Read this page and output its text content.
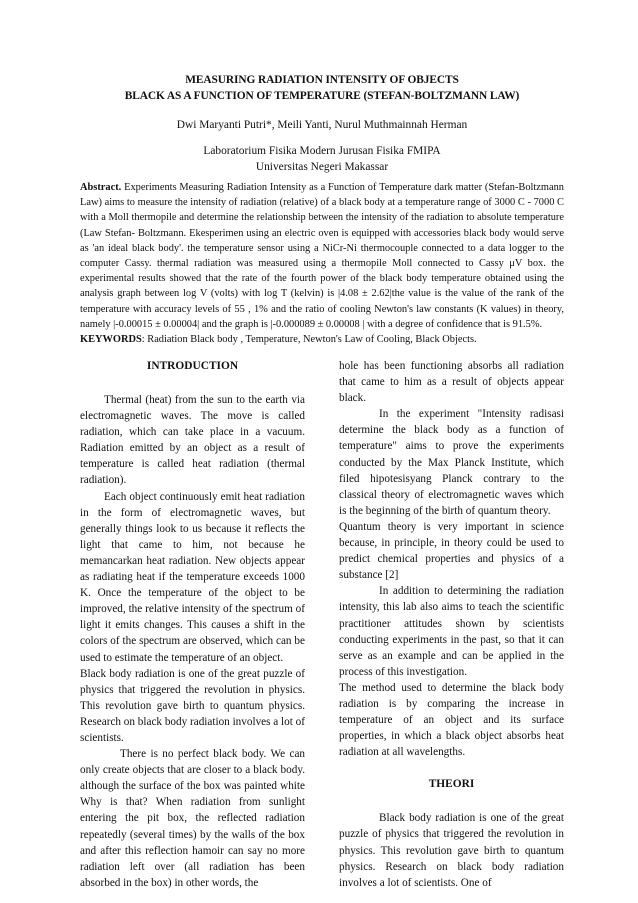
MEASURING RADIATION INTENSITY OF OBJECTS

BLACK AS A FUNCTION OF TEMPERATURE (STEFAN-BOLTZMANN LAW)

Dwi Maryanti Putri*, Meili Yanti, Nurul Muthmainnah Herman

Laboratorium Fisika Modern Jurusan Fisika FMIPA

Universitas Negeri Makassar

Abstract. Experiments Measuring Radiation Intensity as a Function of Temperature dark matter (Stefan-Boltzmann Law) aims to measure the intensity of radiation (relative) of a black body at a temperature range of 3000 C - 7000 C with a Moll thermopile and determine the relationship between the intensity of the radiation to absolute temperature (Law Stefan- Boltzmann. Ekesperimen using an electric oven is equipped with accessories black body would serve as 'an ideal black body'. the temperature sensor using a NiCr-Ni thermocouple connected to a data logger to the computer Cassy. thermal radiation was measured using a thermopile Moll connected to Cassy μV box. the experimental results showed that the rate of the fourth power of the black body temperature obtained using the analysis graph between log V (volts) with log T (kelvin) is |4.08 ± 2.62|the value is the value of the rank of the temperature with accuracy levels of 55 , 1% and the ratio of cooling Newton's law constants (K values) in theory, namely |-0.00015 ± 0.00004| and the graph is |-0.000089 ± 0.00008 | with a degree of confidence that is 91.5%.

KEYWORDS: Radiation Black body , Temperature, Newton's Law of Cooling, Black Objects.

INTRODUCTION

Thermal (heat) from the sun to the earth via electromagnetic waves. The move is called radiation, which can take place in a vacuum. Radiation emitted by an object as a result of temperature is called heat radiation (thermal radiation).

Each object continuously emit heat radiation in the form of electromagnetic waves, but generally things look to us because it reflects the light that came to him, not because he memancarkan heat radiation. New objects appear as radiating heat if the temperature exceeds 1000 K. Once the temperature of the object to be improved, the relative intensity of the spectrum of light it emits changes. This causes a shift in the colors of the spectrum are observed, which can be used to estimate the temperature of an object.

Black body radiation is one of the great puzzle of physics that triggered the revolution in physics. This revolution gave birth to quantum physics. Research on black body radiation involves a lot of scientists.

There is no perfect black body. We can only create objects that are closer to a black body. although the surface of the box was painted white Why is that? When radiation from sunlight entering the pit box, the reflected radiation repeatedly (several times) by the walls of the box and after this reflection hamoir can say no more radiation left over (all radiation has been absorbed in the box) in other words, the

hole has been functioning absorbs all radiation that came to him as a result of objects appear black.

In the experiment "Intensity radisasi determine the black body as a function of temperature" aims to prove the experiments conducted by the Max Planck Institute, which filed hipotesisyang Planck contrary to the classical theory of electromagnetic waves which is the beginning of the birth of quantum theory.

Quantum theory is very important in science because, in principle, in theory could be used to predict chemical properties and physics of a substance [2]

In addition to determining the radiation intensity, this lab also aims to teach the scientific practitioner attitudes shown by scientists conducting experiments in the past, so that it can serve as an example and can be applied in the process of this investigation.

The method used to determine the black body radiation is by comparing the increase in temperature of an object and its surface properties, in which a black object absorbs heat radiation at all wavelengths.

THEORI

Black body radiation is one of the great puzzle of physics that triggered the revolution in physics. This revolution gave birth to quantum physics. Research on black body radiation involves a lot of scientists. One of
